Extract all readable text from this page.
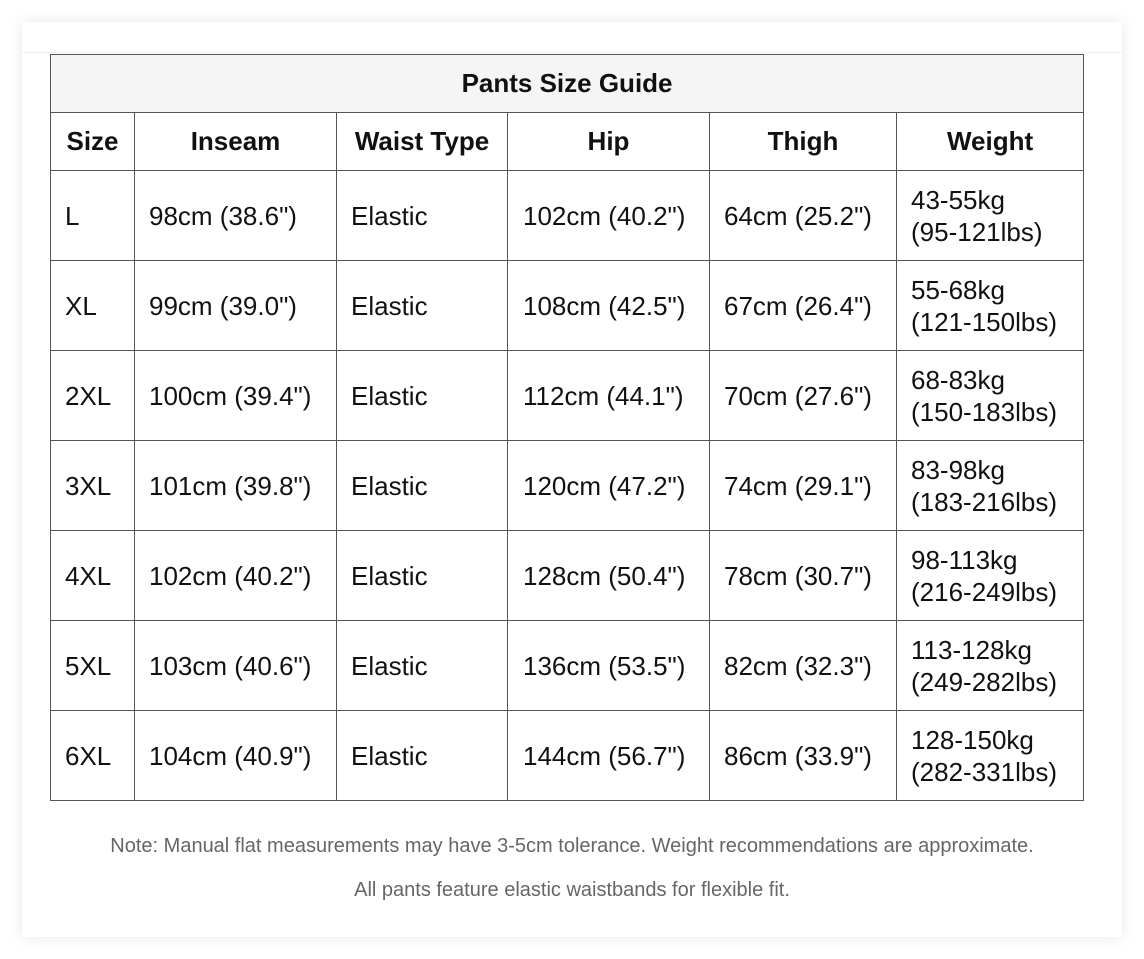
Pants Size Guide					
Size	Inseam	Waist Type	Hip	Thigh	Weight
L	98cm (38.6")	Elastic	102cm (40.2")	64cm (25.2")	43-55kg
(95-121lbs)

XL	99cm (39.0")	Elastic	108cm (42.5")	67cm (26.4")	55-68kg
(121-150lbs)

2XL	100cm (39.4")	Elastic	112cm (44.1")	70cm (27.6")	68-83kg
(150-183lbs)

3XL	101cm (39.8")	Elastic	120cm (47.2")	74cm (29.1")	83-98kg
(183-216lbs)

4XL	102cm (40.2")	Elastic	128cm (50.4")	78cm (30.7")	98-113kg
(216-249lbs)

5XL	103cm (40.6")	Elastic	136cm (53.5")	82cm (32.3")	113-128kg
(249-282lbs)

6XL	104cm (40.9")	Elastic	144cm (56.7")	86cm (33.9")	128-150kg
(282-331lbs)
Note: Manual flat measurements may have 3-5cm tolerance. Weight recommendations are approximate.
All pants feature elastic waistbands for flexible fit.
